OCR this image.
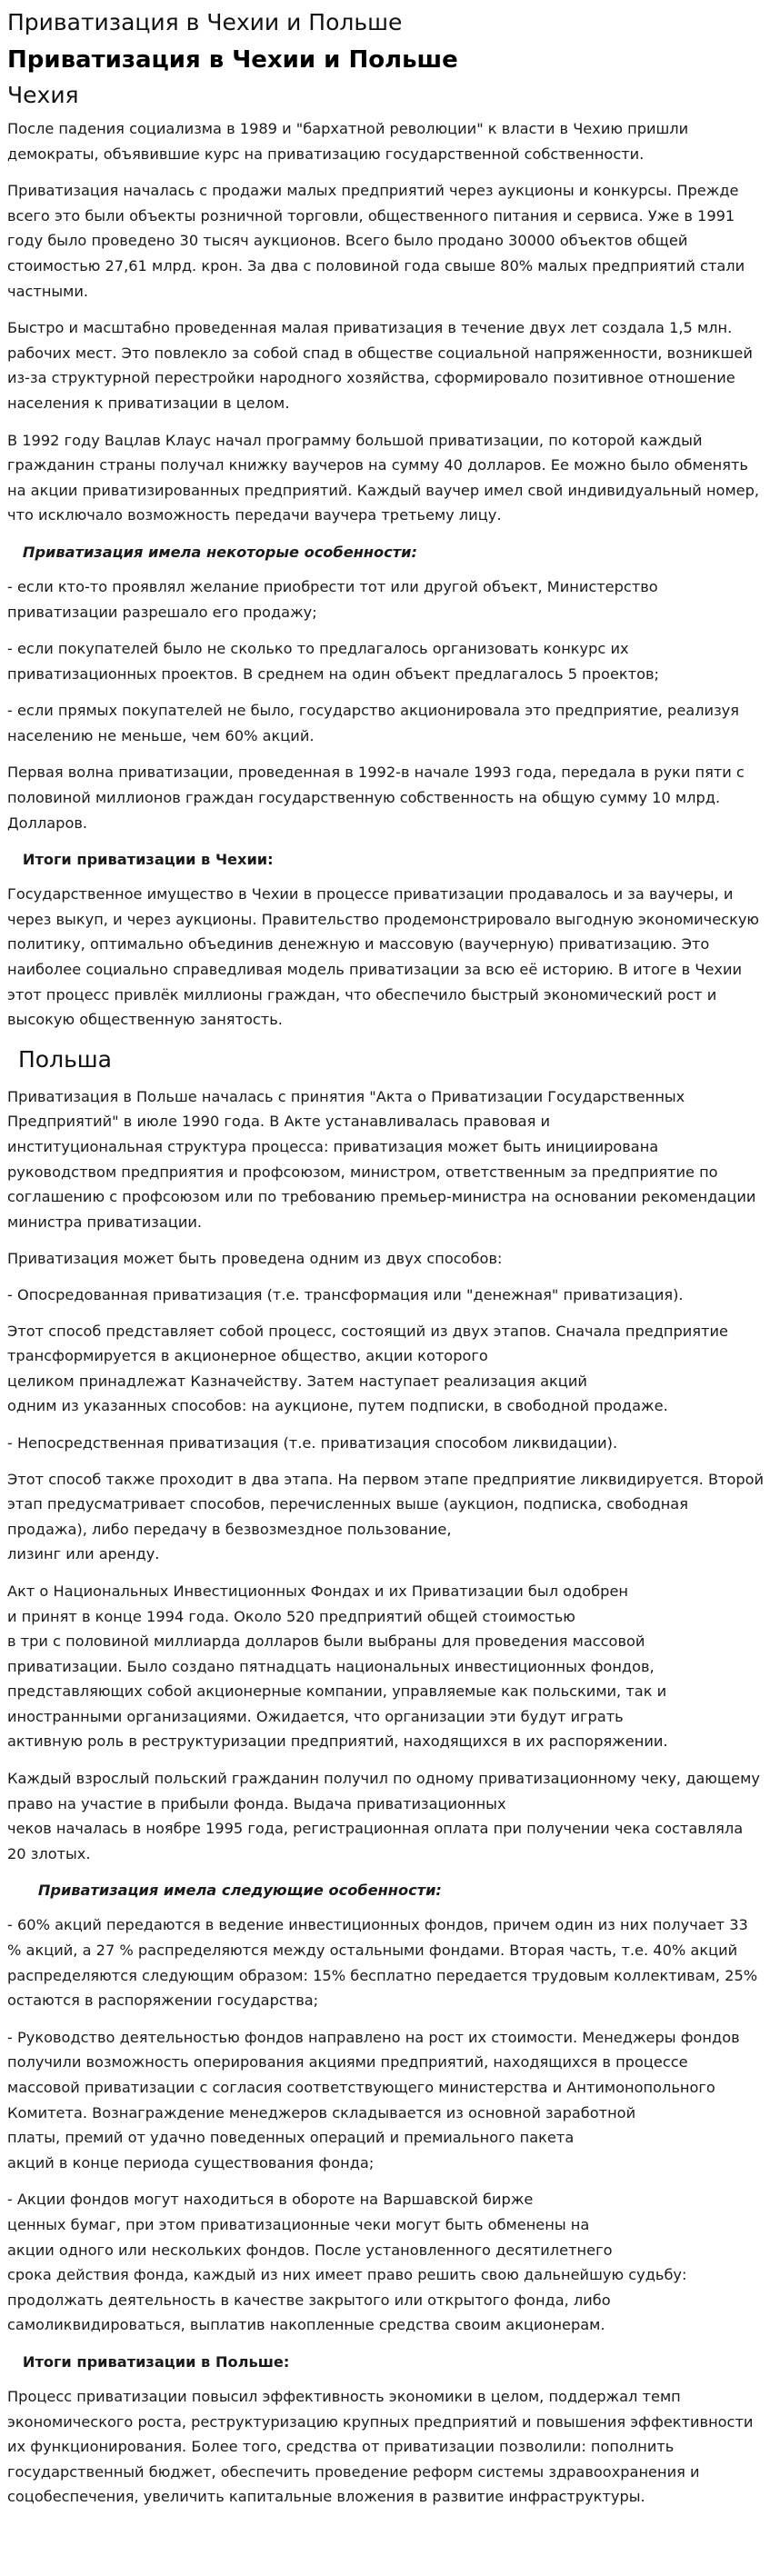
Приватизация в Чехии и Польше
Приватизация в Чехии и Польше
Чехия

После падения социализма в 1989 и "бархатной революции" к власти в Чехию пришли демократы, объявившие курс на приватизацию государственной собственности.

Приватизация началась с продажи малых предприятий через аукционы и конкурсы. Прежде всего это были объекты розничной торговли, общественного питания и сервиса. Уже в 1991 году было проведено 30 тысяч аукционов. Всего было продано 30000 объектов общей стоимостью 27,61 млрд. крон. За два с половиной года свыше 80% малых предприятий стали частными.

Быстро и масштабно проведенная малая приватизация в течение двух лет создала 1,5 млн. рабочих мест. Это повлекло за собой спад в обществе социальной напряженности, возникшей из-за структурной перестройки народного хозяйства, сформировало позитивное отношение населения к приватизации в целом.

В 1992 году Вацлав Клаус начал программу большой приватизации, по которой каждый гражданин страны получал книжку ваучеров на сумму 40 долларов. Ее можно было обменять на акции приватизированных предприятий. Каждый ваучер имел свой индивидуальный номер, что исключало возможность передачи ваучера третьему лицу.

Приватизация имела некоторые особенности:

- если кто-то проявлял желание приобрести тот или другой объект, Министерство приватизации разрешало его продажу;

- если покупателей было не сколько то предлагалось организовать конкурс их приватизационных проектов. В среднем на один объект предлагалось 5 проектов;

- если прямых покупателей не было, государство акционировала это предприятие, реализуя населению не меньше, чем 60% акций.

Первая волна приватизации, проведенная в 1992-в начале 1993 года, передала в руки пяти с половиной миллионов граждан государственную собственность на общую сумму 10 млрд. Долларов.

Итоги приватизации в Чехии:

Государственное имущество в Чехии в процессе приватизации продавалось и за ваучеры, и через выкуп, и через аукционы. Правительство продемонстрировало выгодную экономическую политику, оптимально объединив денежную и массовую (ваучерную) приватизацию. Это наиболее социально справедливая модель приватизации за всю её историю. В итоге в Чехии этот процесс привлёк миллионы граждан, что обеспечило быстрый экономический рост и высокую общественную занятость.

Польша

Приватизация в Польше началась с принятия "Акта о Приватизации Государственных Предприятий" в июле 1990 года. В Акте устанавливалась правовая и
институциональная структура процесса: приватизация может быть инициирована руководством предприятия и профсоюзом, министром, ответственным за предприятие по соглашению с профсоюзом или по требованию премьер-министра на основании рекомендации министра приватизации.

Приватизация может быть проведена одним из двух способов:

- Опосредованная приватизация (т.е. трансформация или "денежная" приватизация).

Этот способ представляет собой процесс, состоящий из двух этапов. Сначала предприятие трансформируется в акционерное общество, акции которого
целиком принадлежат Казначейству. Затем наступает реализация акций
одним из указанных способов: на аукционе, путем подписки, в свободной продаже.

- Непосредственная приватизация (т.е. приватизация способом ликвидации).

Этот способ также проходит в два этапа. На первом этапе предприятие ликвидируется. Второй этап предусматривает способов, перечисленных выше (аукцион, подписка, свободная продажа), либо передачу в безвозмездное пользование,
лизинг или аренду.

Акт о Национальных Инвестиционных Фондах и их Приватизации был одобрен
и принят в конце 1994 года. Около 520 предприятий общей стоимостью
в три с половиной миллиарда долларов были выбраны для проведения массовой приватизации. Было создано пятнадцать национальных инвестиционных фондов,
представляющих собой акционерные компании, управляемые как польскими, так и иностранными организациями. Ожидается, что организации эти будут играть
активную роль в реструктуризации предприятий, находящихся в их распоряжении.

Каждый взрослый польский гражданин получил по одному приватизационному чеку, дающему право на участие в прибыли фонда. Выдача приватизационных
чеков началась в ноябре 1995 года, регистрационная оплата при получении чека составляла 20 злотых.

Приватизация имела следующие особенности:

- 60% акций передаются в ведение инвестиционных фондов, причем один из них получает 33 % акций, а 27 % распределяются между остальными фондами. Вторая часть, т.е. 40% акций распределяются следующим образом: 15% бесплатно передается трудовым коллективам, 25% остаются в распоряжении государства;

- Руководство деятельностью фондов направлено на рост их стоимости. Менеджеры фондов получили возможность оперирования акциями предприятий, находящихся в процессе массовой приватизации с согласия соответствующего министерства и Антимонопольного Комитета. Вознаграждение менеджеров складывается из основной заработной
платы, премий от удачно поведенных операций и премиального пакета
акций в конце периода существования фонда;

- Акции фондов могут находиться в обороте на Варшавской бирже
ценных бумаг, при этом приватизационные чеки могут быть обменены на
акции одного или нескольких фондов. После установленного десятилетнего
срока действия фонда, каждый из них имеет право решить свою дальнейшую судьбу: продолжать деятельность в качестве закрытого или открытого фонда, либо самоликвидироваться, выплатив накопленные средства своим акционерам.

Итоги приватизации в Польше:

Процесс приватизации повысил эффективность экономики в целом, поддержал темп экономического роста, реструктуризацию крупных предприятий и повышения эффективности их функционирования. Более того, средства от приватизации позволили: пополнить государственный бюджет, обеспечить проведение реформ системы здравоохранения и соцобеспечения, увеличить капитальные вложения в развитие инфраструктуры.
